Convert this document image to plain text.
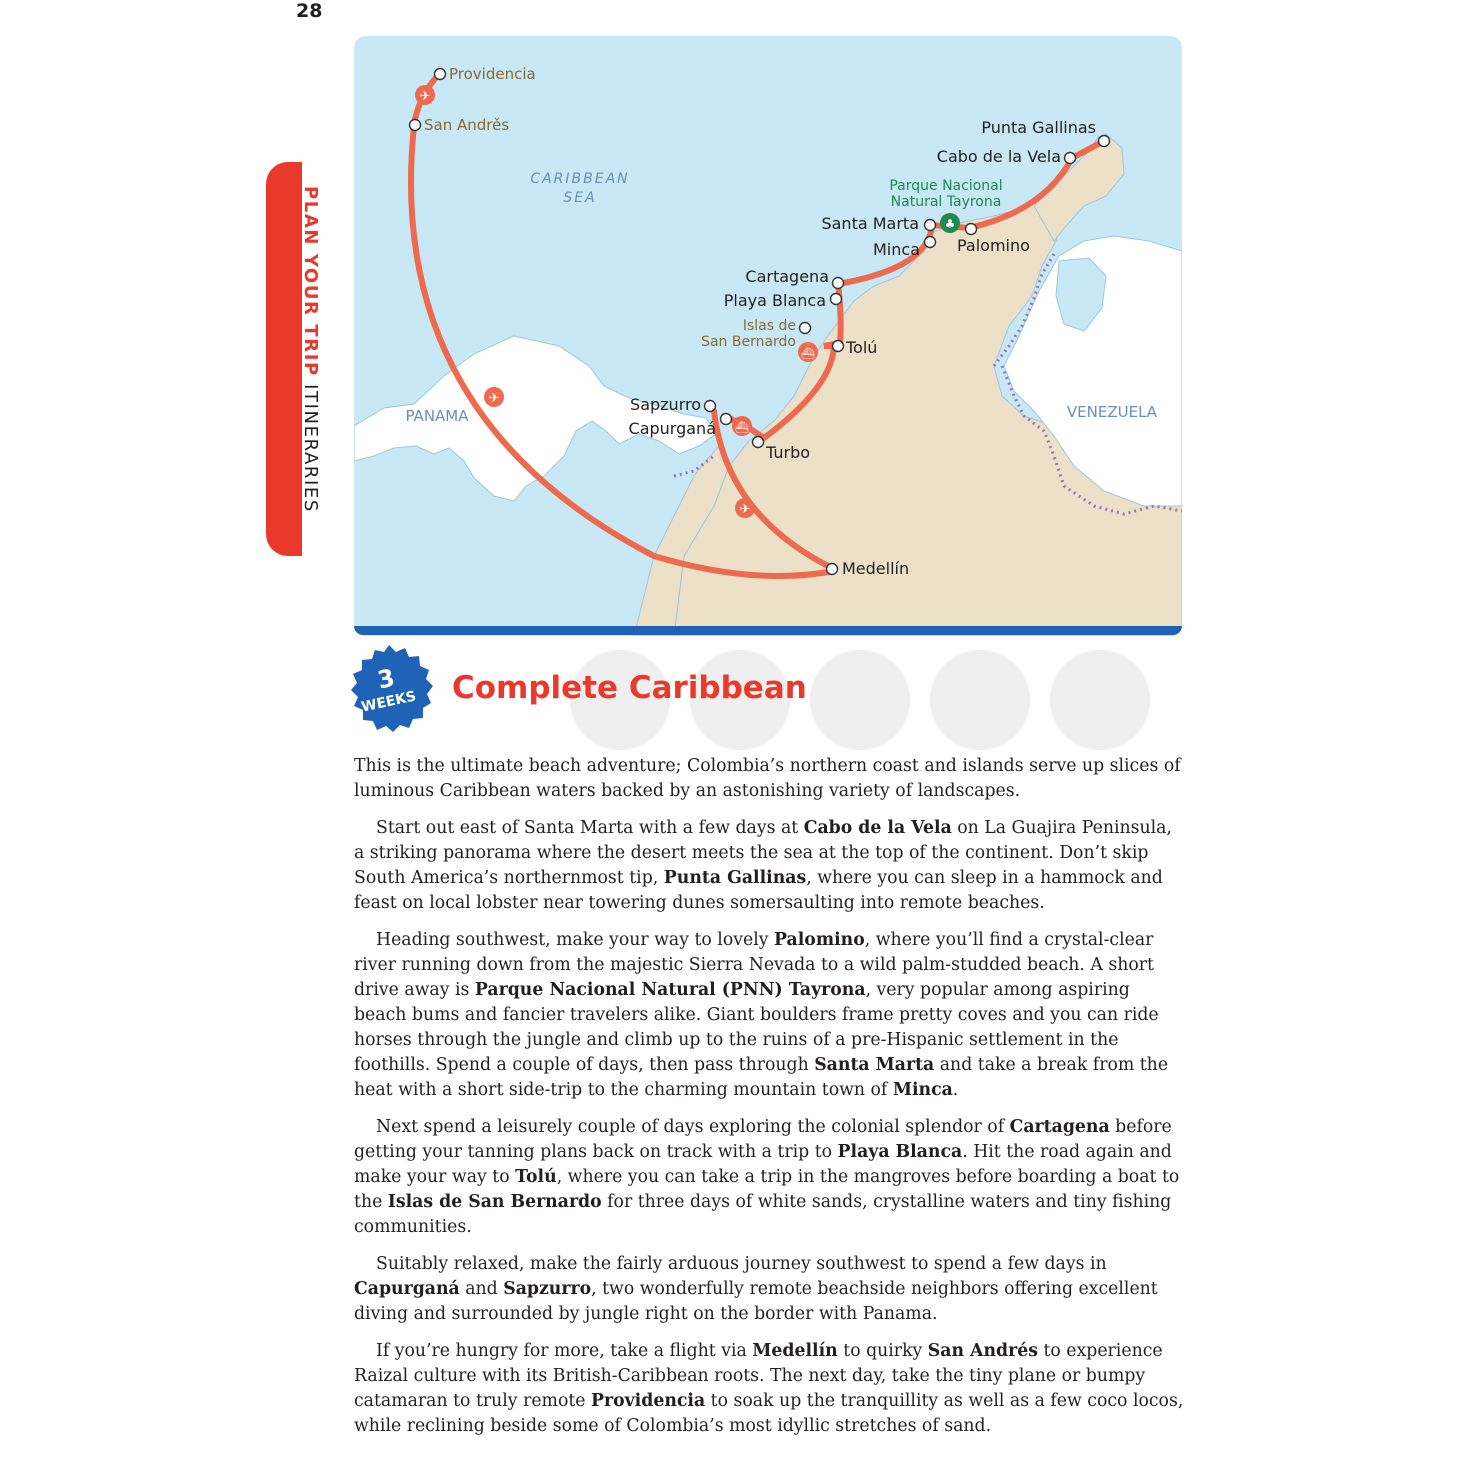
28
PLAN YOUR TRIP ITINERARIES
✈
✈
✈
⛴
⛴
♣
CARIBBEAN
SEA
PANAMA	VENEZUELA
Parque Nacional
Natural Tayrona
Islas de
San Bernardo
Providencia
San Andrěs	Punta Gallinas
Cabo de la Vela
Santa Marta
Palomino
Minca
Cartagena
Playa Blanca
Tolú
Sapzurro
Capurganá
Turbo
Medellín
3
WEEKS Complete Caribbean

This is the ultimate beach adventure; Colombia’s northern coast and islands serve up slices of luminous Caribbean waters backed by an astonishing variety of landscapes.

Start out east of Santa Marta with a few days at Cabo de la Vela on La Guajira Peninsula, a striking panorama where the desert meets the sea at the top of the continent. Don’t skip South America’s northernmost tip, Punta Gallinas, where you can sleep in a hammock and feast on local lobster near towering dunes somersaulting into remote beaches.

Heading southwest, make your way to lovely Palomino, where you’ll find a crystal-clear river running down from the majestic Sierra Nevada to a wild palm-studded beach. A short drive away is Parque Nacional Natural (PNN) Tayrona, very popular among aspiring beach bums and fancier travelers alike. Giant boulders frame pretty coves and you can ride horses through the jungle and climb up to the ruins of a pre-Hispanic settlement in the foothills. Spend a couple of days, then pass through Santa Marta and take a break from the heat with a short side-trip to the charming mountain town of Minca.

Next spend a leisurely couple of days exploring the colonial splendor of Cartagena before getting your tanning plans back on track with a trip to Playa Blanca. Hit the road again and make your way to Tolú, where you can take a trip in the mangroves before boarding a boat to the Islas de San Bernardo for three days of white sands, crystalline waters and tiny fishing communities.

Suitably relaxed, make the fairly arduous journey southwest to spend a few days in Capurganá and Sapzurro, two wonderfully remote beachside neighbors offering excellent diving and surrounded by jungle right on the border with Panama.

If you’re hungry for more, take a flight via Medellín to quirky San Andrés to experience Raizal culture with its British-Caribbean roots. The next day, take the tiny plane or bumpy catamaran to truly remote Providencia to soak up the tranquillity as well as a few coco locos, while reclining beside some of Colombia’s most idyllic stretches of sand.
